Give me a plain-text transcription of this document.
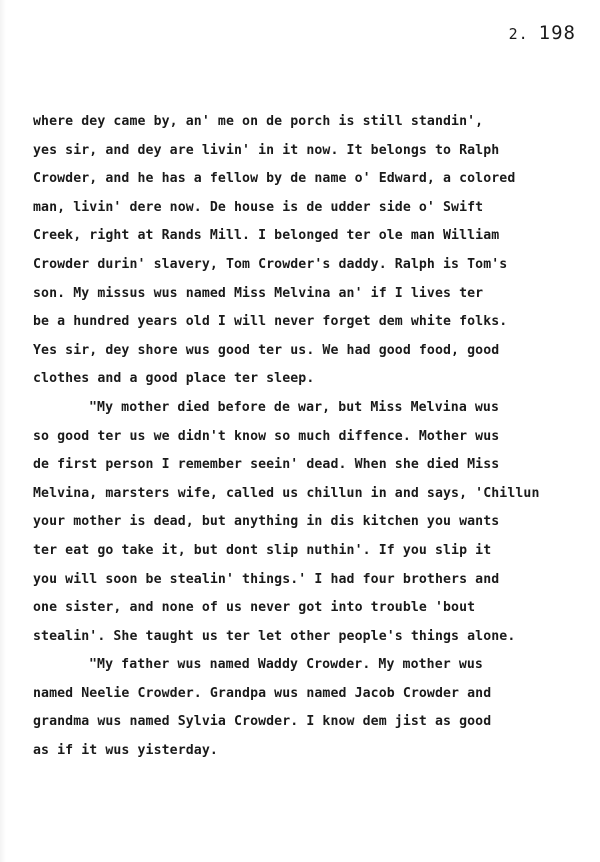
2. 198
where dey came by, an' me on de porch is still standin',
yes sir, and dey are livin' in it now. It belongs to Ralph
Crowder, and he has a fellow by de name o' Edward, a colored
man, livin' dere now. De house is de udder side o' Swift
Creek, right at Rands Mill. I belonged ter ole man William
Crowder durin' slavery, Tom Crowder's daddy. Ralph is Tom's
son. My missus wus named Miss Melvina an' if I lives ter
be a hundred years old I will never forget dem white folks.
Yes sir, dey shore wus good ter us. We had good food, good
clothes and a good place ter sleep.
"My mother died before de war, but Miss Melvina wus
so good ter us we didn't know so much diffence. Mother wus
de first person I remember seein' dead. When she died Miss
Melvina, marsters wife, called us chillun in and says, 'Chillun
your mother is dead, but anything in dis kitchen you wants
ter eat go take it, but dont slip nuthin'. If you slip it
you will soon be stealin' things.' I had four brothers and
one sister, and none of us never got into trouble 'bout
stealin'. She taught us ter let other people's things alone.
"My father wus named Waddy Crowder. My mother wus
named Neelie Crowder. Grandpa wus named Jacob Crowder and
grandma wus named Sylvia Crowder. I know dem jist as good
as if it wus yisterday.
